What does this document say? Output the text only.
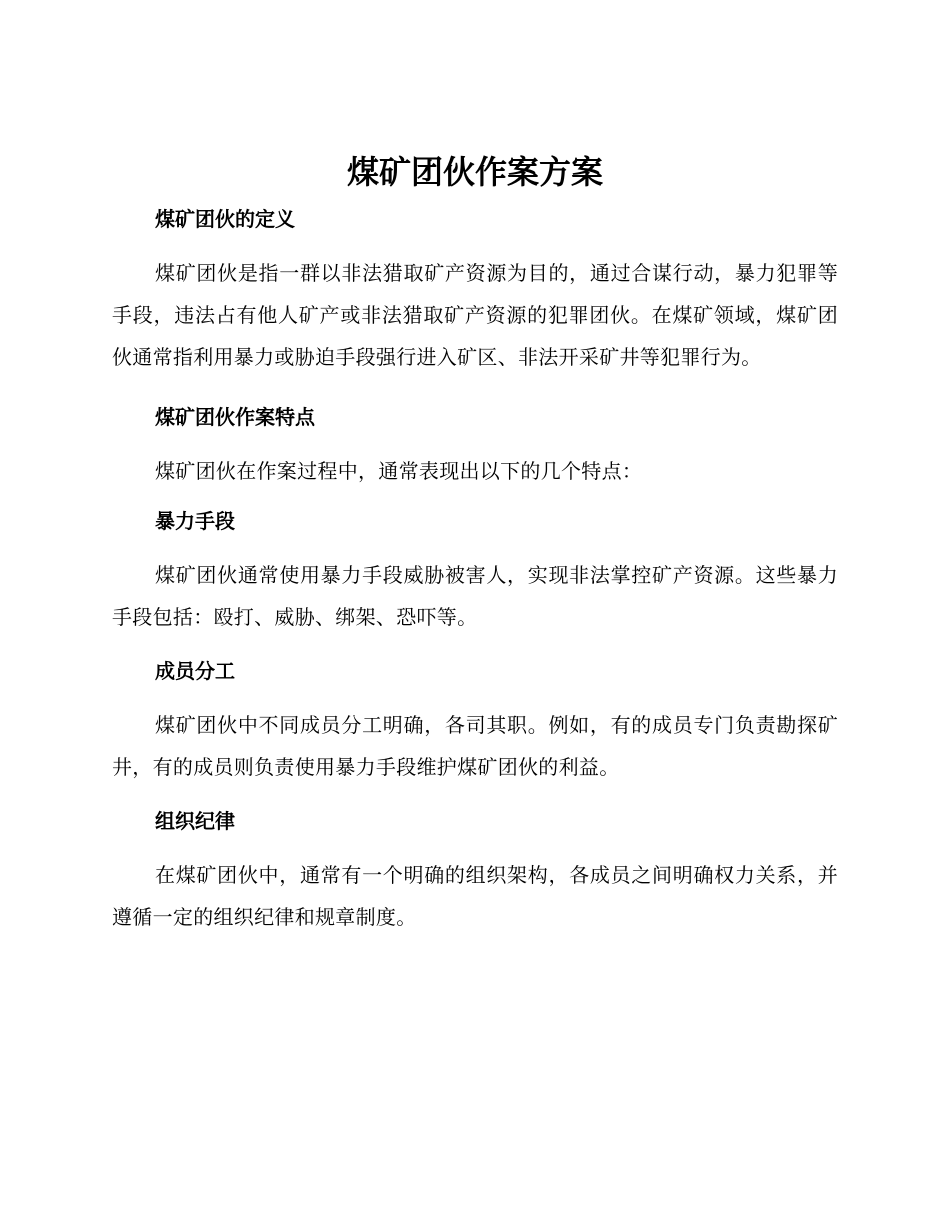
煤矿团伙作案方案
煤矿团伙的定义

煤矿团伙是指一群以非法猎取矿产资源为目的，通过合谋行动，暴力犯罪等手段，违法占有他人矿产或非法猎取矿产资源的犯罪团伙。在煤矿领域，煤矿团伙通常指利用暴力或胁迫手段强行进入矿区、非法开采矿井等犯罪行为。

煤矿团伙作案特点

煤矿团伙在作案过程中，通常表现出以下的几个特点：

暴力手段

煤矿团伙通常使用暴力手段威胁被害人，实现非法掌控矿产资源。这些暴力手段包括：殴打、威胁、绑架、恐吓等。

成员分工

煤矿团伙中不同成员分工明确，各司其职。例如，有的成员专门负责勘探矿井，有的成员则负责使用暴力手段维护煤矿团伙的利益。

组织纪律

在煤矿团伙中，通常有一个明确的组织架构，各成员之间明确权力关系，并遵循一定的组织纪律和规章制度。
